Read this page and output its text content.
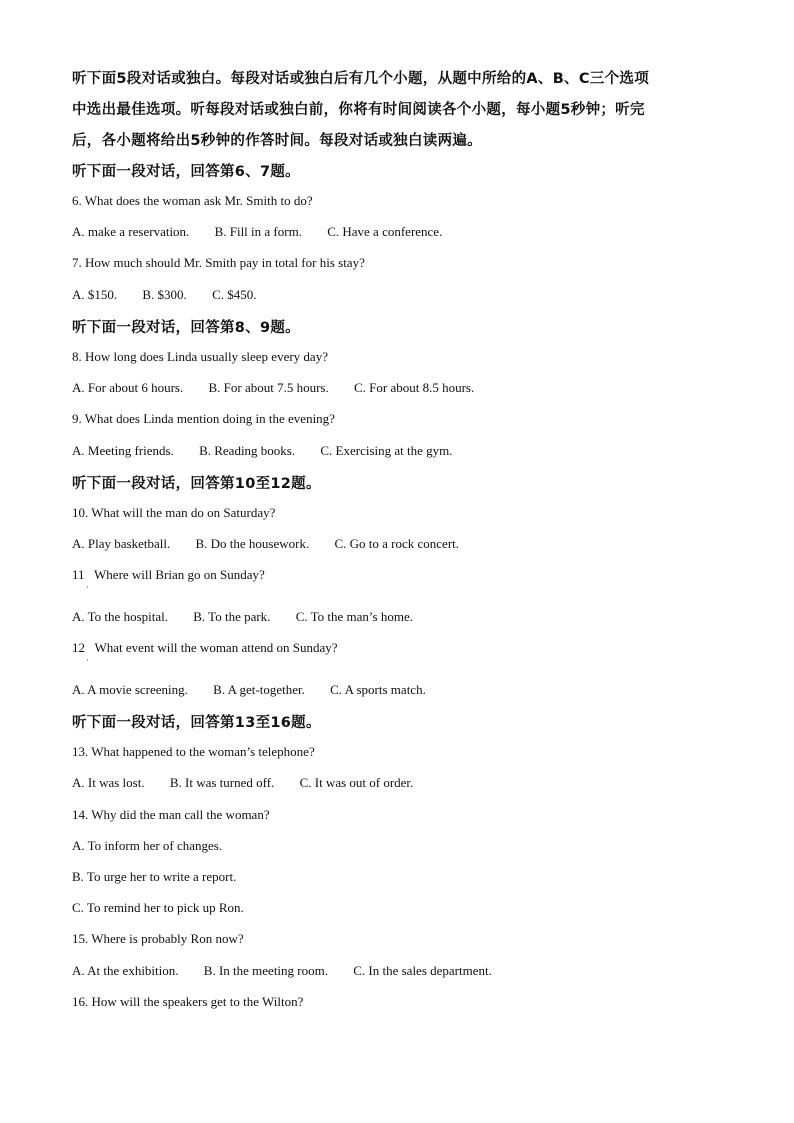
听下面5段对话或独白。每段对话或独白后有几个小题，从题中所给的A、B、C三个选项
中选出最佳选项。听每段对话或独白前，你将有时间阅读各个小题，每小题5秒钟；听完
后，各小题将给出5秒钟的作答时间。每段对话或独白读两遍。
听下面一段对话，回答第6、7题。
6. What does the woman ask Mr. Smith to do?
A. make a reservation. B. Fill in a form. C. Have a conference.
7. How much should Mr. Smith pay in total for his stay?
A. $150. B. $300. C. $450.
听下面一段对话，回答第8、9题。
8. How long does Linda usually sleep every day?
A. For about 6 hours. B. For about 7.5 hours. C. For about 8.5 hours.
9. What does Linda mention doing in the evening?
A. Meeting friends. B. Reading books. C. Exercising at the gym.
听下面一段对话，回答第10至12题。
10. What will the man do on Saturday?
A. Play basketball. B. Do the housework. C. Go to a rock concert.
11   Where will Brian go on Sunday?
·
A. To the hospital. B. To the park. C. To the man’s home.
12   What event will the woman attend on Sunday?
·
A. A movie screening. B. A get-together. C. A sports match.
听下面一段对话，回答第13至16题。
13. What happened to the woman’s telephone?
A. It was lost. B. It was turned off. C. It was out of order.
14. Why did the man call the woman?
A. To inform her of changes.
B. To urge her to write a report.
C. To remind her to pick up Ron.
15. Where is probably Ron now?
A. At the exhibition. B. In the meeting room. C. In the sales department.
16. How will the speakers get to the Wilton?
